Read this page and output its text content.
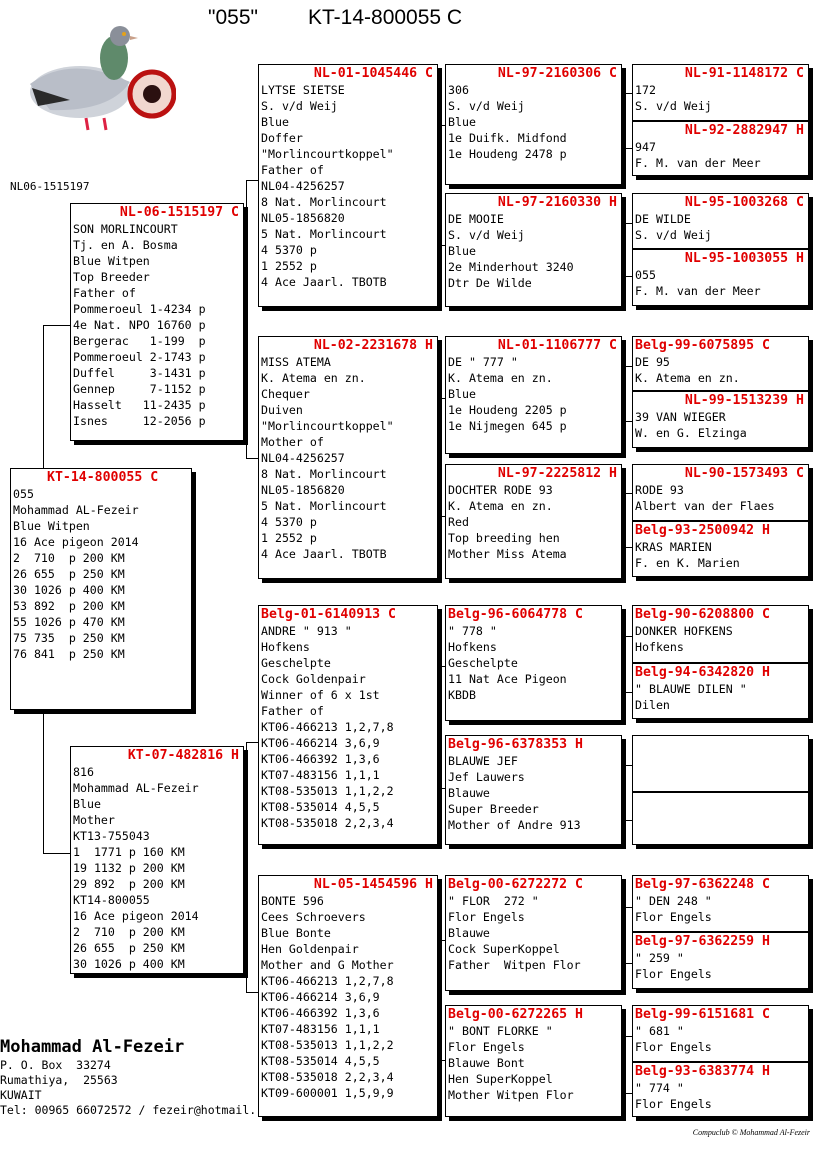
"055" KT-14-800055 C
NL06-1515197
KT-14-800055 C
055
Mohammad AL-Fezeir
Blue Witpen
16 Ace pigeon 2014
2  710  p 200 KM
26 655  p 250 KM
30 1026 p 400 KM
53 892  p 200 KM
55 1026 p 470 KM
75 735  p 250 KM
76 841  p 250 KM
NL-06-1515197 C
SON MORLINCOURT
Tj. en A. Bosma
Blue Witpen
Top Breeder
Father of
Pommeroeul 1-4234 p
4e Nat. NPO 16760 p
Bergerac   1-199  p
Pommeroeul 2-1743 p
Duffel     3-1431 p
Gennep     7-1152 p
Hasselt   11-2435 p
Isnes     12-2056 p
KT-07-482816 H
816
Mohammad AL-Fezeir
Blue
Mother
KT13-755043
1  1771 p 160 KM
19 1132 p 200 KM
29 892  p 200 KM
KT14-800055
16 Ace pigeon 2014
2  710  p 200 KM
26 655  p 250 KM
30 1026 p 400 KM
NL-01-1045446 C
LYTSE SIETSE
S. v/d Weij
Blue
Doffer
"Morlincourtkoppel"
Father of
NL04-4256257
8 Nat. Morlincourt
NL05-1856820
5 Nat. Morlincourt
4 5370 p
1 2552 p
4 Ace Jaarl. TBOTB
NL-02-2231678 H
MISS ATEMA
K. Atema en zn.
Chequer
Duiven
"Morlincourtkoppel"
Mother of
NL04-4256257
8 Nat. Morlincourt
NL05-1856820
5 Nat. Morlincourt
4 5370 p
1 2552 p
4 Ace Jaarl. TBOTB
Belg-01-6140913 C
ANDRE " 913 "
Hofkens
Geschelpte
Cock Goldenpair
Winner of 6 x 1st
Father of
KT06-466213 1,2,7,8
KT06-466214 3,6,9
KT06-466392 1,3,6
KT07-483156 1,1,1
KT08-535013 1,1,2,2
KT08-535014 4,5,5
KT08-535018 2,2,3,4
NL-05-1454596 H
BONTE 596
Cees Schroevers
Blue Bonte
Hen Goldenpair
Mother and G Mother
KT06-466213 1,2,7,8
KT06-466214 3,6,9
KT06-466392 1,3,6
KT07-483156 1,1,1
KT08-535013 1,1,2,2
KT08-535014 4,5,5
KT08-535018 2,2,3,4
KT09-600001 1,5,9,9
NL-97-2160306 C
306
S. v/d Weij
Blue
1e Duifk. Midfond
1e Houdeng 2478 p
NL-97-2160330 H
DE MOOIE
S. v/d Weij
Blue
2e Minderhout 3240
Dtr De Wilde
NL-01-1106777 C
DE " 777 "
K. Atema en zn.
Blue
1e Houdeng 2205 p
1e Nijmegen 645 p
NL-97-2225812 H
DOCHTER RODE 93
K. Atema en zn.
Red
Top breeding hen
Mother Miss Atema
Belg-96-6064778 C
" 778 "
Hofkens
Geschelpte
11 Nat Ace Pigeon
KBDB
Belg-96-6378353 H
BLAUWE JEF
Jef Lauwers
Blauwe
Super Breeder
Mother of Andre 913
Belg-00-6272272 C
" FLOR  272 "
Flor Engels
Blauwe
Cock SuperKoppel
Father  Witpen Flor
Belg-00-6272265 H
" BONT FLORKE "
Flor Engels
Blauwe Bont
Hen SuperKoppel
Mother Witpen Flor
NL-91-1148172 C
172
S. v/d Weij
NL-92-2882947 H
947
F. M. van der Meer
NL-95-1003268 C
DE WILDE
S. v/d Weij
NL-95-1003055 H
055
F. M. van der Meer
Belg-99-6075895 C
DE 95
K. Atema en zn.
NL-99-1513239 H
39 VAN WIEGER
W. en G. Elzinga
NL-90-1573493 C
RODE 93
Albert van der Flaes
Belg-93-2500942 H
KRAS MARIEN
F. en K. Marien
Belg-90-6208800 C
DONKER HOFKENS
Hofkens
Belg-94-6342820 H
" BLAUWE DILEN "
Dilen
Belg-97-6362248 C
" DEN 248 "
Flor Engels
Belg-97-6362259 H
" 259 "
Flor Engels
Belg-99-6151681 C
" 681 "
Flor Engels
Belg-93-6383774 H
" 774 "
Flor Engels
Mohammad Al-Fezeir
P. O. Box  33274
Rumathiya,  25563
KUWAIT
Tel: 00965 66072572 / fezeir@hotmail.
Compuclub © Mohammad Al-Fezeir
